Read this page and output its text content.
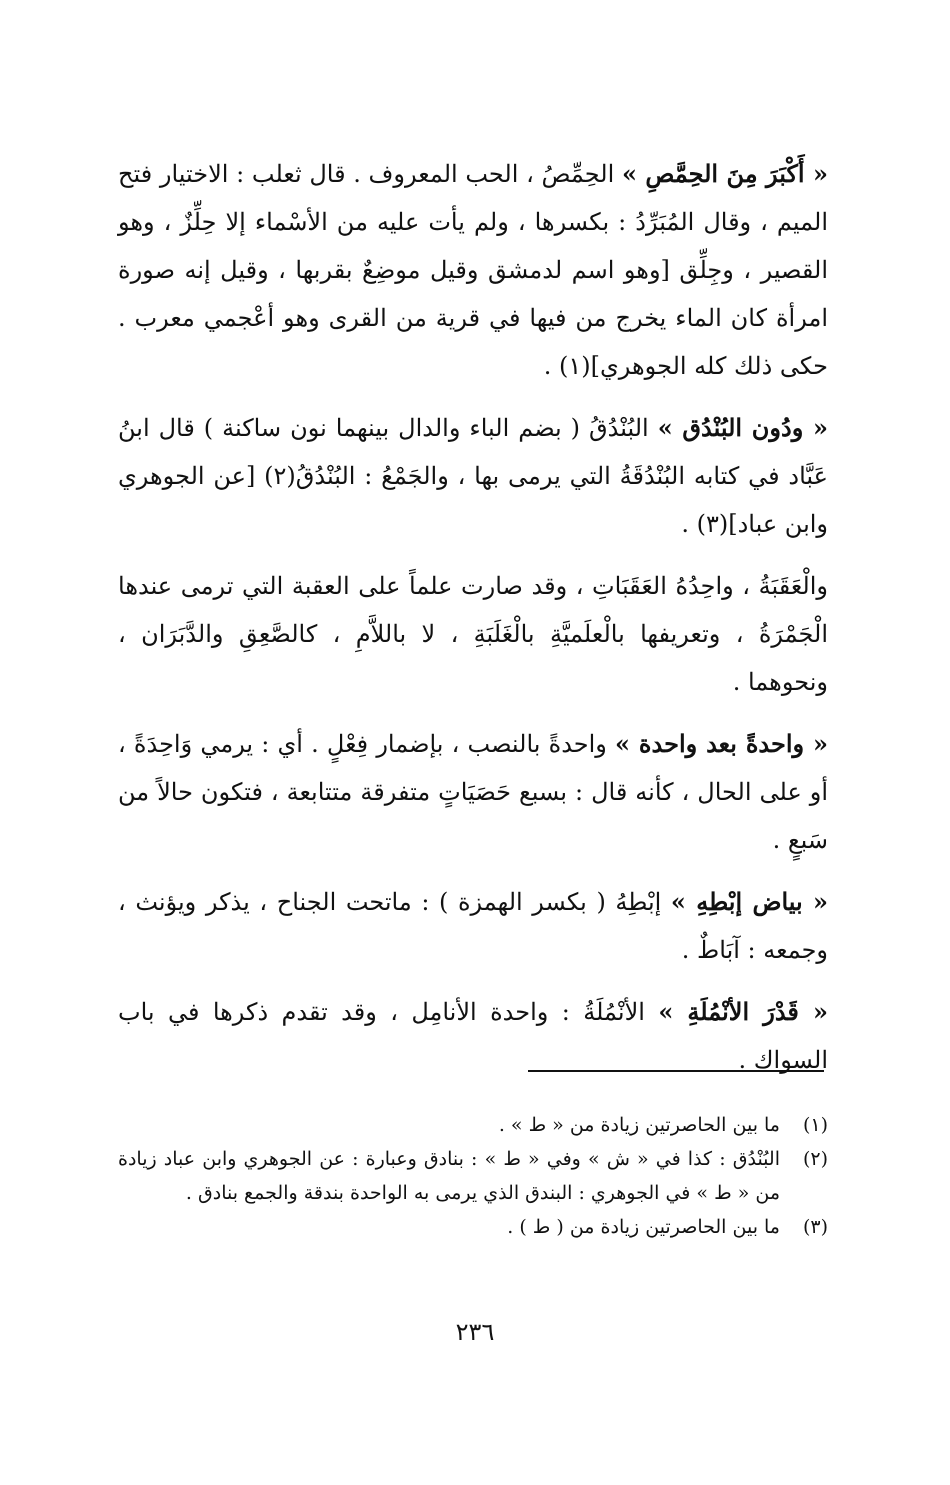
« أَكْبَرَ مِنَ الحِمَّصِ » الحِمِّصُ ، الحب المعروف . قال ثعلب : الاختيار فتح الميم ، وقال المُبَرِّدُ : بكسرها ، ولم يأت عليه من الأسْماء إلا حِلِّزٌ ، وهو القصير ، وجِلِّق [وهو اسم لدمشق وقيل موضِعٌ بقربها ، وقيل إنه صورة امرأة كان الماء يخرج من فيها في قرية من القرى وهو أعْجمي معرب . حكى ذلك كله الجوهري](١) .

« ودُون البُنْدُق » البُنْدُقُ ( بضم الباء والدال بينهما نون ساكنة ) قال ابنُ عَبَّاد في كتابه البُنْدُقَةُ التي يرمى بها ، والجَمْعُ : البُنْدُقُ(٢) [عن الجوهري وابن عباد](٣) .

والْعَقَبَةُ ، واحِدُهُ العَقَبَاتِ ، وقد صارت علماً على العقبة التي ترمى عندها الْجَمْرَةُ ، وتعريفها بالْعلَميَّةِ بالْغَلَبَةِ ، لا باللاَّمِ ، كالصَّعِقِ والدَّبَرَان ، ونحوهما .

« واحدةً بعد واحدة » واحدةً بالنصب ، بإضمار فِعْلٍ . أي : يرمي وَاحِدَةً ، أو على الحال ، كأنه قال : بسبع حَصَيَاتٍ متفرقة متتابعة ، فتكون حالاً من سَبعٍ .

« بياض إبْطِهِ » إبْطِهُ ( بكسر الهمزة ) : ماتحت الجناح ، يذكر ويؤنث ، وجمعه : آبَاطٌ .

« قَدْرَ الأنْمُلَةِ » الأنْمُلَةُ : واحدة الأنامِل ، وقد تقدم ذكرها في باب السواك .

(١)
ما بين الحاصرتين زيادة من « ط » .
(٢)
البُنْدُق : كذا في « ش » وفي « ط » : بنادق وعبارة : عن الجوهري وابن عباد زيادة من « ط » في الجوهري : البندق الذي يرمى به الواحدة بندقة والجمع بنادق .
(٣)
ما بين الحاصرتين زيادة من ( ط ) .
٢٣٦
